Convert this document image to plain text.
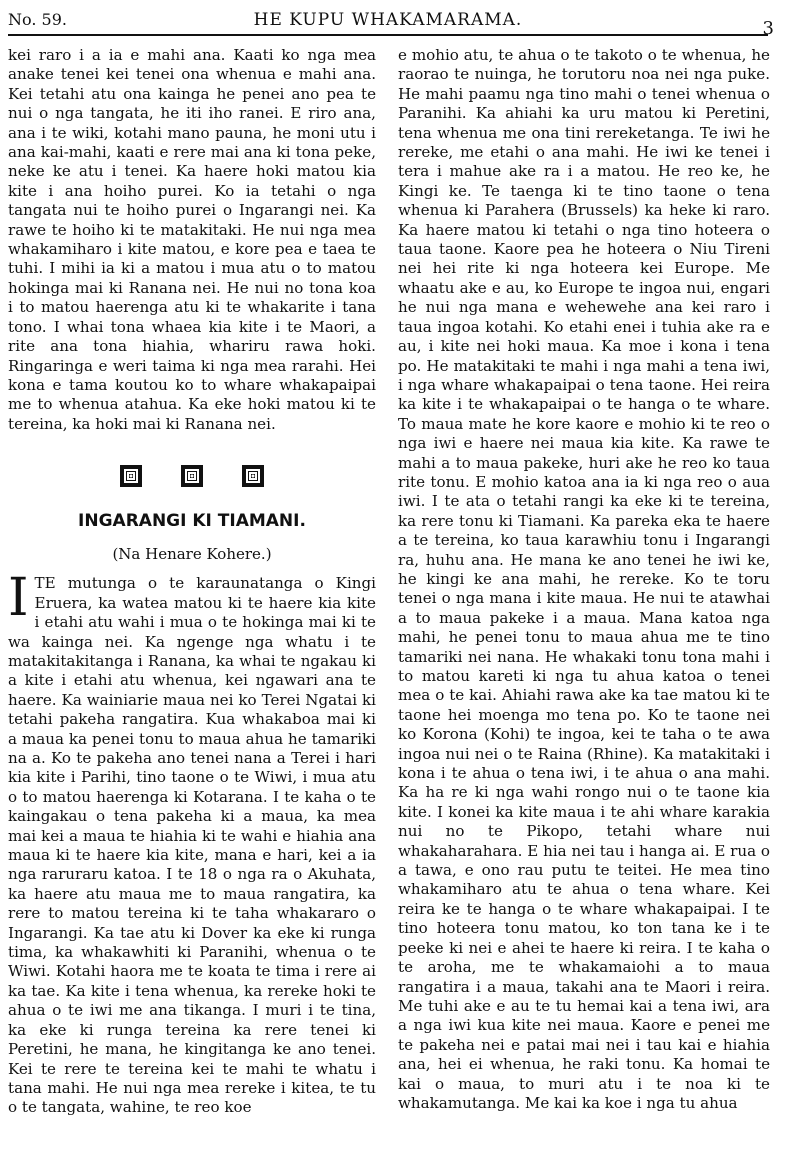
No. 59.	HE KUPU WHAKAMARAMA.	3

kei raro i a ia e mahi ana. Kaati ko nga mea anake tenei kei tenei ona whenua e mahi ana. Kei tetahi atu ona kainga he penei ano pea te nui o nga tangata, he iti iho ranei. E riro ana, ana i te wiki, kotahi mano pauna, he moni utu i ana kai-mahi, kaati e rere mai ana ki tona peke, neke ke atu i tenei. Ka haere hoki matou kia kite i ana hoiho purei. Ko ia tetahi o nga tangata nui te hoiho purei o Ingarangi nei. Ka rawe te hoiho ki te matakitaki. He nui nga mea whakamiharo i kite matou, e kore pea e taea te tuhi. I mihi ia ki a matou i mua atu o to matou hokinga mai ki Ranana nei. He nui no tona koa i to matou haerenga atu ki te whakarite i tana tono. I whai tona whaea kia kite i te Maori, a rite ana tona hiahia, whariru rawa hoki. Ringaringa e weri taima ki nga mea rarahi. Hei kona e tama koutou ko to whare whakapaipai me to whenua atahua. Ka eke hoki matou ki te tereina, ka hoki mai ki Ranana nei.

INGARANGI KI TIAMANI.
(Na Henare Kohere.)

ITE mutunga o te karaunatanga o Kingi Eruera, ka watea matou ki te haere kia kite i etahi atu wahi i mua o te hokinga mai ki te wa kainga nei. Ka ngenge nga whatu i te matakitakitanga i Ranana, ka whai te ngakau ki a kite i etahi atu whenua, kei ngawari ana te haere. Ka wainiarie maua nei ko Terei Ngatai ki tetahi pakeha rangatira. Kua whakaboa mai ki a maua ka penei tonu to maua ahua he tamariki na a. Ko te pakeha ano tenei nana a Terei i hari kia kite i Parihi, tino taone o te Wiwi, i mua atu o to matou haerenga ki Kotarana. I te kaha o te kaingakau o tena pakeha ki a maua, ka mea mai kei a maua te hiahia ki te wahi e hiahia ana maua ki te haere kia kite, mana e hari, kei a ia nga raruraru katoa. I te 18 o nga ra o Akuhata, ka haere atu maua me to maua rangatira, ka rere to matou tereina ki te taha whakararo o Ingarangi. Ka tae atu ki Dover ka eke ki runga tima, ka whakawhiti ki Paranihi, whenua o te Wiwi. Kotahi haora me te koata te tima i rere ai ka tae. Ka kite i tena whenua, ka rereke hoki te ahua o te iwi me ana tikanga. I muri i te tina, ka eke ki runga tereina ka rere tenei ki Peretini, he mana, he kingitanga ke ano tenei. Kei te rere te tereina kei te mahi te whatu i tana mahi. He nui nga mea rereke i kitea, te tu o te tangata, wahine, te reo koe

e mohio atu, te ahua o te takoto o te whenua, he raorao te nuinga, he torutoru noa nei nga puke. He mahi paamu nga tino mahi o tenei whenua o Paranihi. Ka ahiahi ka uru matou ki Peretini, tena whenua me ona tini rereketanga. Te iwi he rereke, me etahi o ana mahi. He iwi ke tenei i tera i mahue ake ra i a matou. He reo ke, he Kingi ke. Te taenga ki te tino taone o tena whenua ki Parahera (Brussels) ka heke ki raro. Ka haere matou ki tetahi o nga tino hoteera o taua taone. Kaore pea he hoteera o Niu Tireni nei hei rite ki nga hoteera kei Europe. Me whaatu ake e au, ko Europe te ingoa nui, engari he nui nga mana e wehewehe ana kei raro i taua ingoa kotahi. Ko etahi enei i tuhia ake ra e au, i kite nei hoki maua. Ka moe i kona i tena po. He matakitaki te mahi i nga mahi a tena iwi, i nga whare whakapaipai o tena taone. Hei reira ka kite i te whakapaipai o te hanga o te whare. To maua mate he kore kaore e mohio ki te reo o nga iwi e haere nei maua kia kite. Ka rawe te mahi a to maua pakeke, huri ake he reo ko taua rite tonu. E mohio katoa ana ia ki nga reo o aua iwi. I te ata o tetahi rangi ka eke ki te tereina, ka rere tonu ki Tiamani. Ka pareka eka te haere a te tereina, ko taua karawhiu tonu i Ingarangi ra, huhu ana. He mana ke ano tenei he iwi ke, he kingi ke ana mahi, he rereke. Ko te toru tenei o nga mana i kite maua. He nui te atawhai a to maua pakeke i a maua. Mana katoa nga mahi, he penei tonu to maua ahua me te tino tamariki nei nana. He whakaki tonu tona mahi i to matou kareti ki nga tu ahua katoa o tenei mea o te kai. Ahiahi rawa ake ka tae matou ki te taone hei moenga mo tena po. Ko te taone nei ko Korona (Kohi) te ingoa, kei te taha o te awa ingoa nui nei o te Raina (Rhine). Ka matakitaki i kona i te ahua o tena iwi, i te ahua o ana mahi. Ka ha re ki nga wahi rongo nui o te taone kia kite. I konei ka kite maua i te ahi whare karakia nui no te Pikopo, tetahi whare nui whakaharahara. E hia nei tau i hanga ai. E rua o a tawa, e ono rau putu te teitei. He mea tino whakamiharo atu te ahua o tena whare. Kei reira ke te hanga o te whare whakapaipai. I te tino hoteera tonu matou, ko ton tana ke i te peeke ki nei e ahei te haere ki reira. I te kaha o te aroha, me te whakamaiohi a to maua rangatira i a maua, takahi ana te Maori i reira. Me tuhi ake e au te tu hemai kai a tena iwi, ara a nga iwi kua kite nei maua. Kaore e penei me te pakeha nei e patai mai nei i tau kai e hiahia ana, hei ei whenua, he raki tonu. Ka homai te kai o maua, to muri atu i te noa ki te whakamutanga. Me kai ka koe i nga tu ahua
